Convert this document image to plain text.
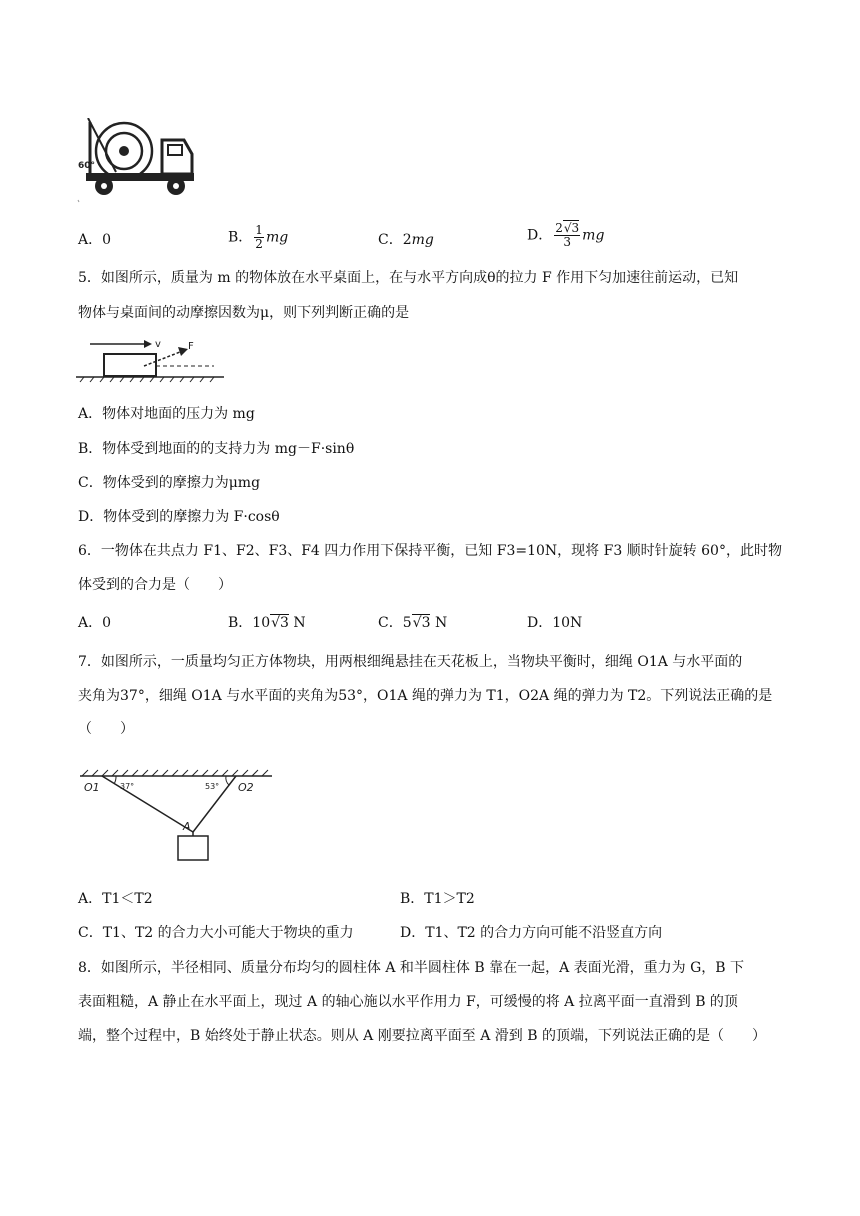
60°
A．0	B． $\frac{1}{2}$ mg	C．2mg	D． $\frac{2√3}{3}$ mg
5．如图所示，质量为 m 的物体放在水平桌面上，在与水平方向成θ的拉力 F 作用下匀加速往前运动，已知
物体与桌面间的动摩擦因数为μ，则下列判断正确的是
v	F
A．物体对地面的压力为 mg
B．物体受到地面的的支持力为 mg－F·sinθ
C．物体受到的摩擦力为μmg
D．物体受到的摩擦力为 F·cosθ
6．一物体在共点力 F1、F2、F3、F4 四力作用下保持平衡，已知 F3=10N，现将 F3 顺时针旋转 60°，此时物
体受到的合力是（　　）
A．0	B．10√3 N	C．5√3 N	D．10N
7．如图所示，一质量均匀正方体物块，用两根细绳悬挂在天花板上，当物块平衡时，细绳 O1A 与水平面的
夹角为37°，细绳 O1A 与水平面的夹角为53°，O1A 绳的弹力为 T1，O2A 绳的弹力为 T2。下列说法正确的是
（　　）
O1	37°	53° O2
A
A．T1＜T2	B．T1＞T2
C．T1、T2 的合力大小可能大于物块的重力	D．T1、T2 的合力方向可能不沿竖直方向
8．如图所示，半径相同、质量分布均匀的圆柱体 A 和半圆柱体 B 靠在一起，A 表面光滑，重力为 G，B 下
表面粗糙，A 静止在水平面上，现过 A 的轴心施以水平作用力 F，可缓慢的将 A 拉离平面一直滑到 B 的顶
端，整个过程中，B 始终处于静止状态。则从 A 刚要拉离平面至 A 滑到 B 的顶端，下列说法正确的是（　　）
